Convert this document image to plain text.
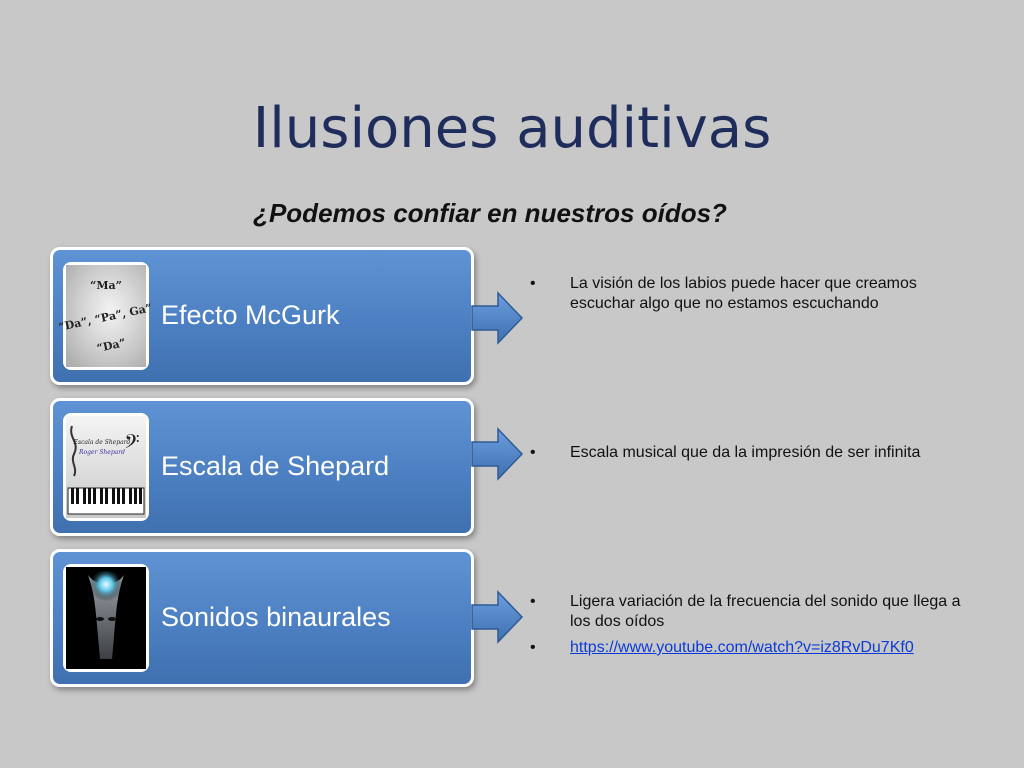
Ilusiones auditivas
¿Podemos confiar en nuestros oídos?
“Ma”
“Da”, “Pa”, Ga”
“Da”
Efecto McGurk
• La visión de los labios puede hacer que creamos escuchar algo que no estamos escuchando
𝄢
Escala de Shepard
Roger Shepard Escala de Shepard	• Escala musical que da la impresión de ser infinita
Sonidos binaurales
• Ligera variación de la frecuencia del sonido que llega a los dos oídos
• https://www.youtube.com/watch?v=iz8RvDu7Kf0
